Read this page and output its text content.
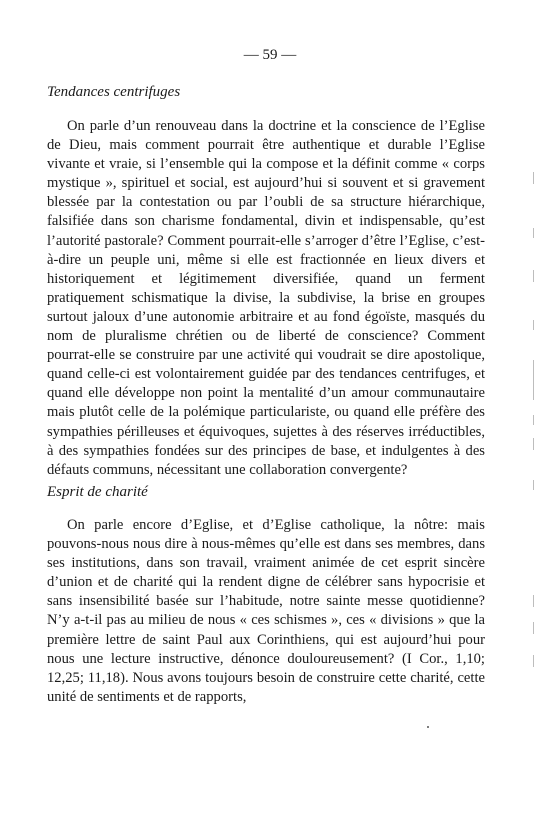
— 59 —
Tendances centrifuges

On parle d’un renouveau dans la doctrine et la conscience de l’Eglise de Dieu, mais comment pourrait être authentique et durable l’Eglise vivante et vraie, si l’ensemble qui la compose et la définit comme « corps mystique », spirituel et social, est aujourd’hui si souvent et si gravement blessée par la contestation ou par l’oubli de sa structure hiérarchique, falsifiée dans son charisme fondamental, divin et indispensable, qu’est l’autorité pastorale? Comment pourrait-elle s’arroger d’être l’Eglise, c’est-à-dire un peuple uni, même si elle est fractionnée en lieux divers et historiquement et légitimement diversifiée, quand un ferment pratiquement schismatique la divise, la subdivise, la brise en groupes surtout jaloux d’une autonomie arbitraire et au fond égoïste, masqués du nom de pluralisme chrétien ou de liberté de conscience? Comment pourrat-elle se construire par une activité qui voudrait se dire apostolique, quand celle-ci est volontairement guidée par des tendances centrifuges, et quand elle développe non point la mentalité d’un amour communautaire mais plutôt celle de la polémique particulariste, ou quand elle préfère des sympathies périlleuses et équivoques, sujettes à des réserves irréductibles, à des sympathies fondées sur des principes de base, et indulgentes à des défauts communs, nécessitant une collaboration convergente?

Esprit de charité

On parle encore d’Eglise, et d’Eglise catholique, la nôtre: mais pouvons-nous nous dire à nous-mêmes qu’elle est dans ses membres, dans ses institutions, dans son travail, vraiment animée de cet esprit sincère d’union et de charité qui la rendent digne de célébrer sans hypocrisie et sans insensibilité basée sur l’habitude, notre sainte messe quotidienne? N’y a-t-il pas au milieu de nous « ces schismes », ces « divisions » que la première lettre de saint Paul aux Corinthiens, qui est aujourd’hui pour nous une lecture instructive, dénonce douloureusement? (I Cor., 1,10; 12,25; 11,18). Nous avons toujours besoin de construire cette charité, cette unité de sentiments et de rapports,
